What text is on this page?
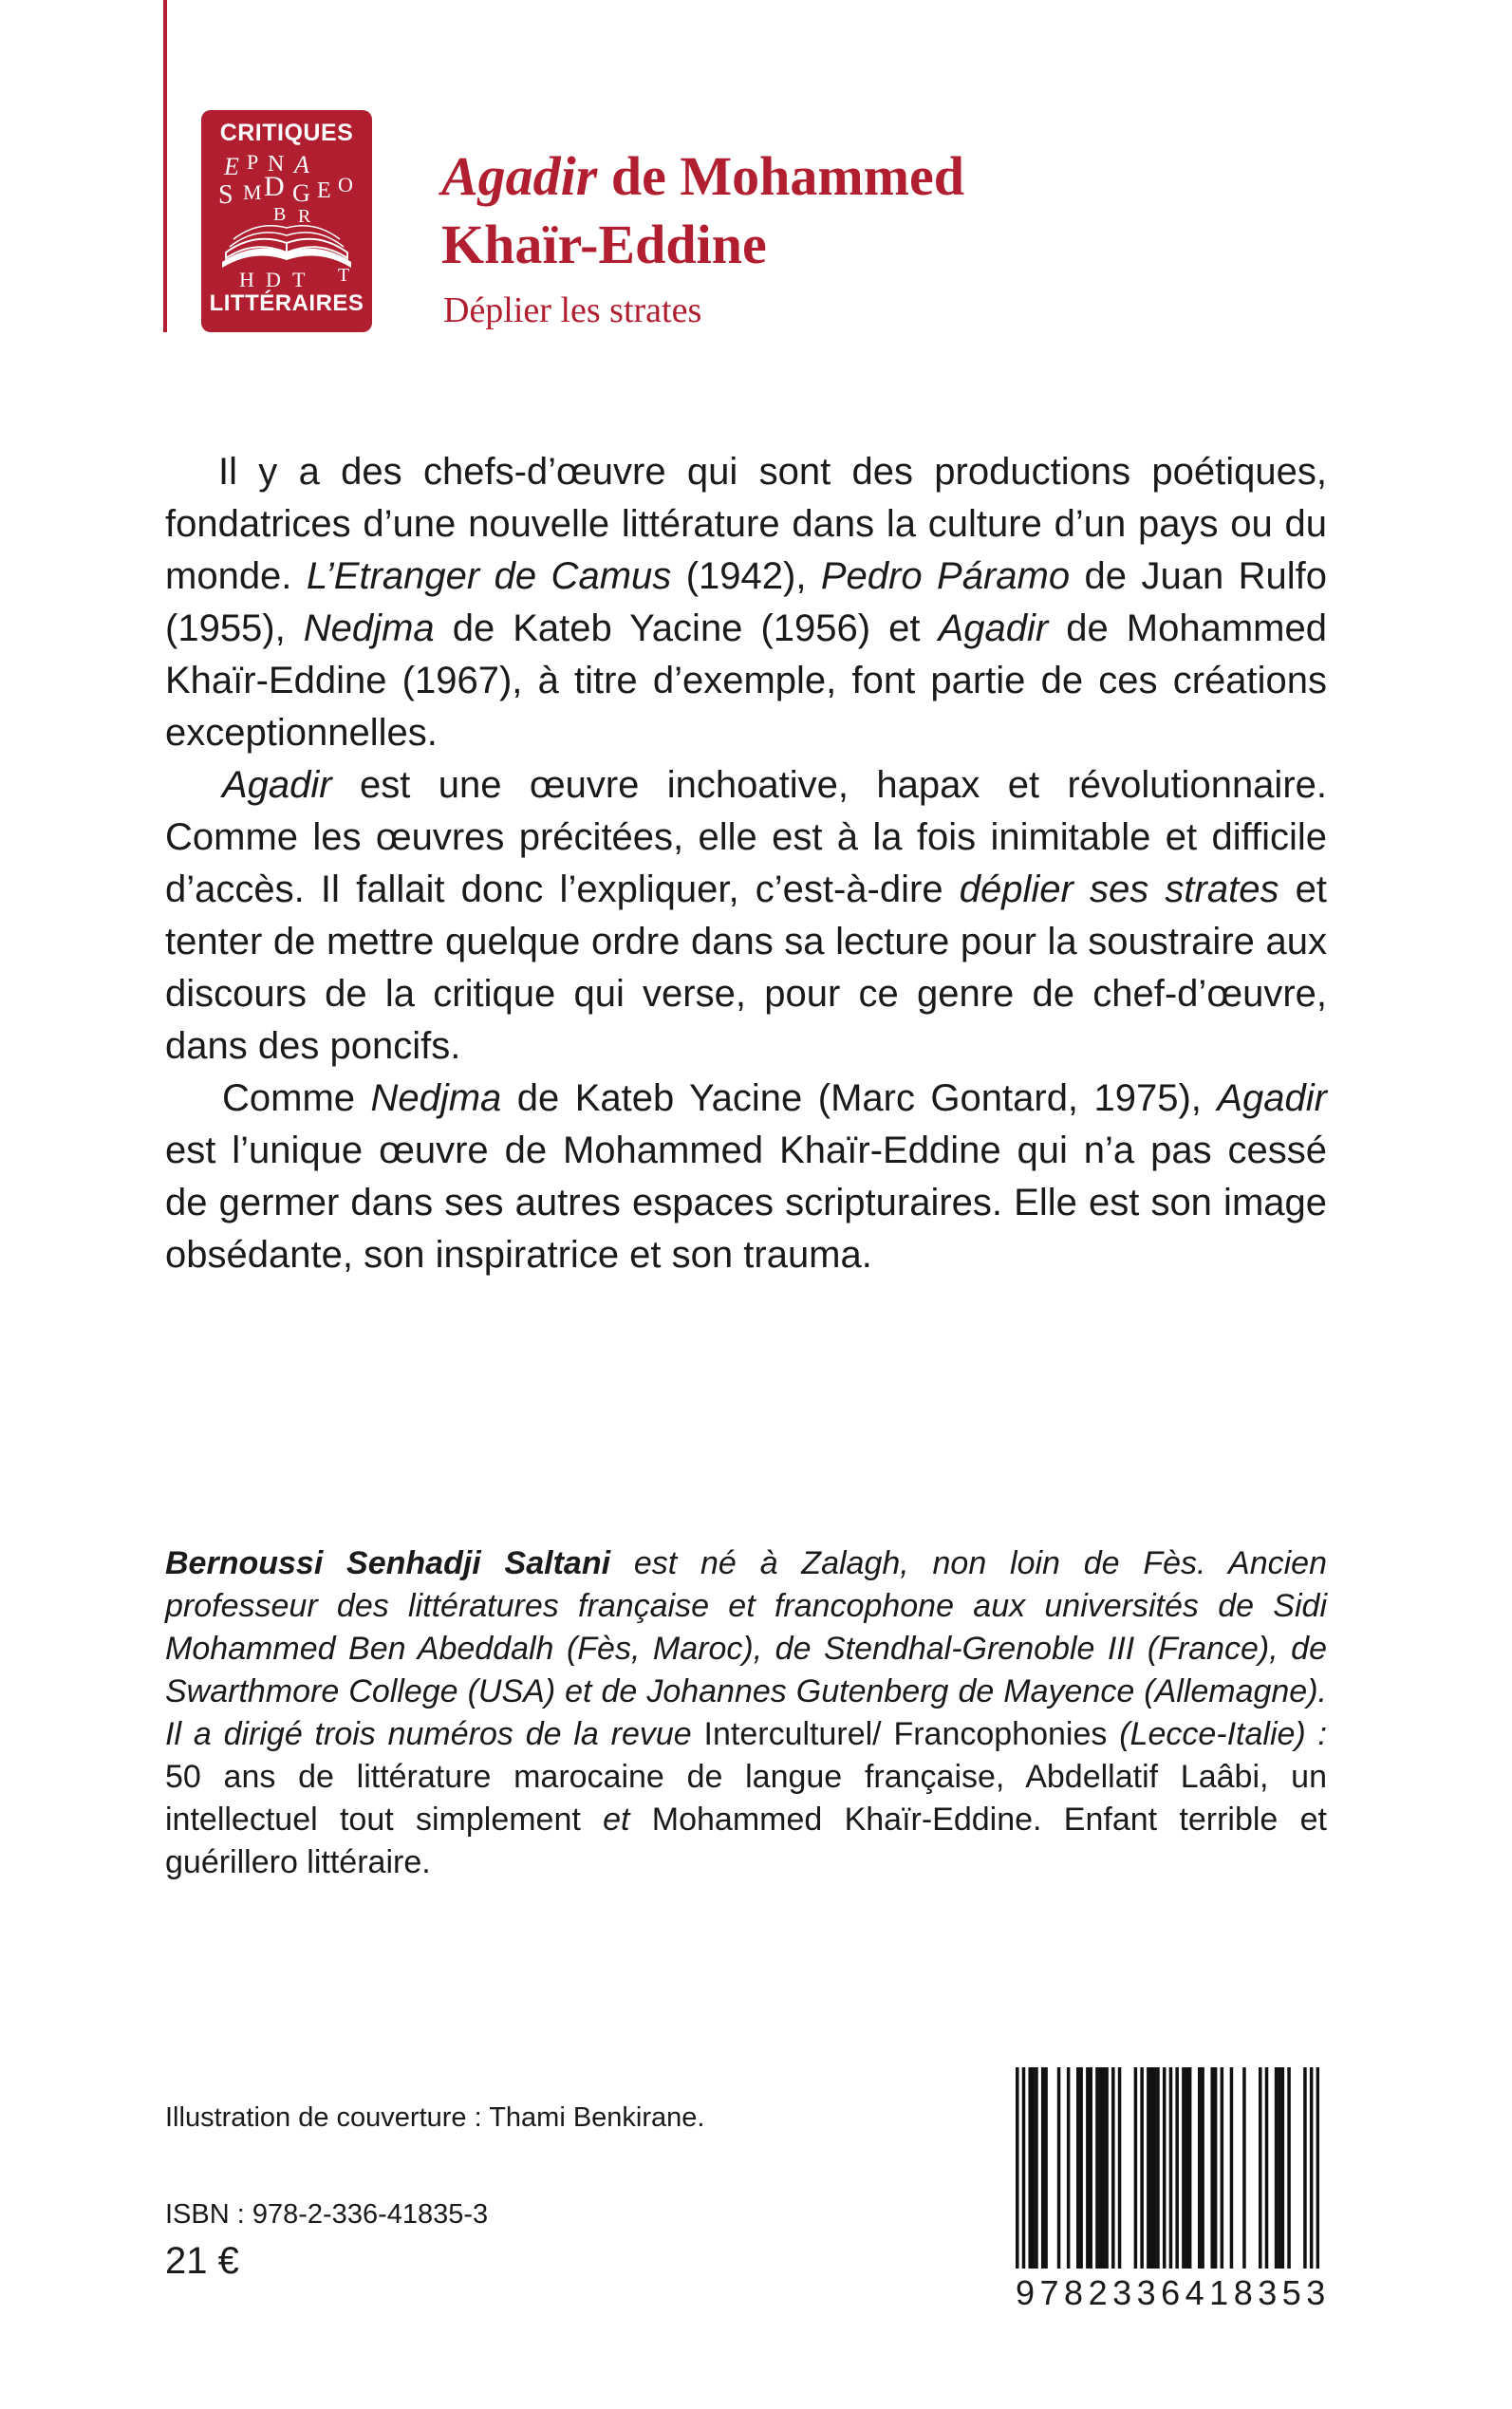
CRITIQUES
E P N A
S M D G E O
B R
H D T T
LITTÉRAIRES
Agadir de Mohammed
Khaïr-Eddine
Déplier les strates

Il y a des chefs-d’œuvre qui sont des productions poétiques, fondatrices d’une nouvelle littérature dans la culture d’un pays ou du monde. L’Etranger de Camus (1942), Pedro Páramo de Juan Rulfo (1955), Nedjma de Kateb Yacine (1956) et Agadir de Mohammed Khaïr-Eddine (1967), à titre d’exemple, font partie de ces créations exceptionnelles.

Agadir est une œuvre inchoative, hapax et révolutionnaire. Comme les œuvres précitées, elle est à la fois inimitable et difficile d’accès. Il fallait donc l’expliquer, c’est-à-dire déplier ses strates et tenter de mettre quelque ordre dans sa lecture pour la soustraire aux discours de la critique qui verse, pour ce genre de chef-d’œuvre, dans des poncifs.

Comme Nedjma de Kateb Yacine (Marc Gontard, 1975), Agadir est l’unique œuvre de Mohammed Khaïr-Eddine qui n’a pas cessé de germer dans ses autres espaces scripturaires. Elle est son image obsédante, son inspiratrice et son trauma.

Bernoussi Senhadji Saltani est né à Zalagh, non loin de Fès. Ancien professeur des littératures française et francophone aux universités de Sidi Mohammed Ben Abeddalh (Fès, Maroc), de Stendhal-Grenoble III (France), de Swarthmore College (USA) et de Johannes Gutenberg de Mayence (Allemagne). Il a dirigé trois numéros de la revue Interculturel/ Francophonies (Lecce-Italie) : 50 ans de littérature marocaine de langue française, Abdellatif Laâbi, un intellectuel tout simplement et Mohammed Khaïr-Eddine. Enfant terrible et guérillero littéraire.

Illustration de couverture : Thami Benkirane.
ISBN : 978-2-336-41835-3
21 €
9782336418353
